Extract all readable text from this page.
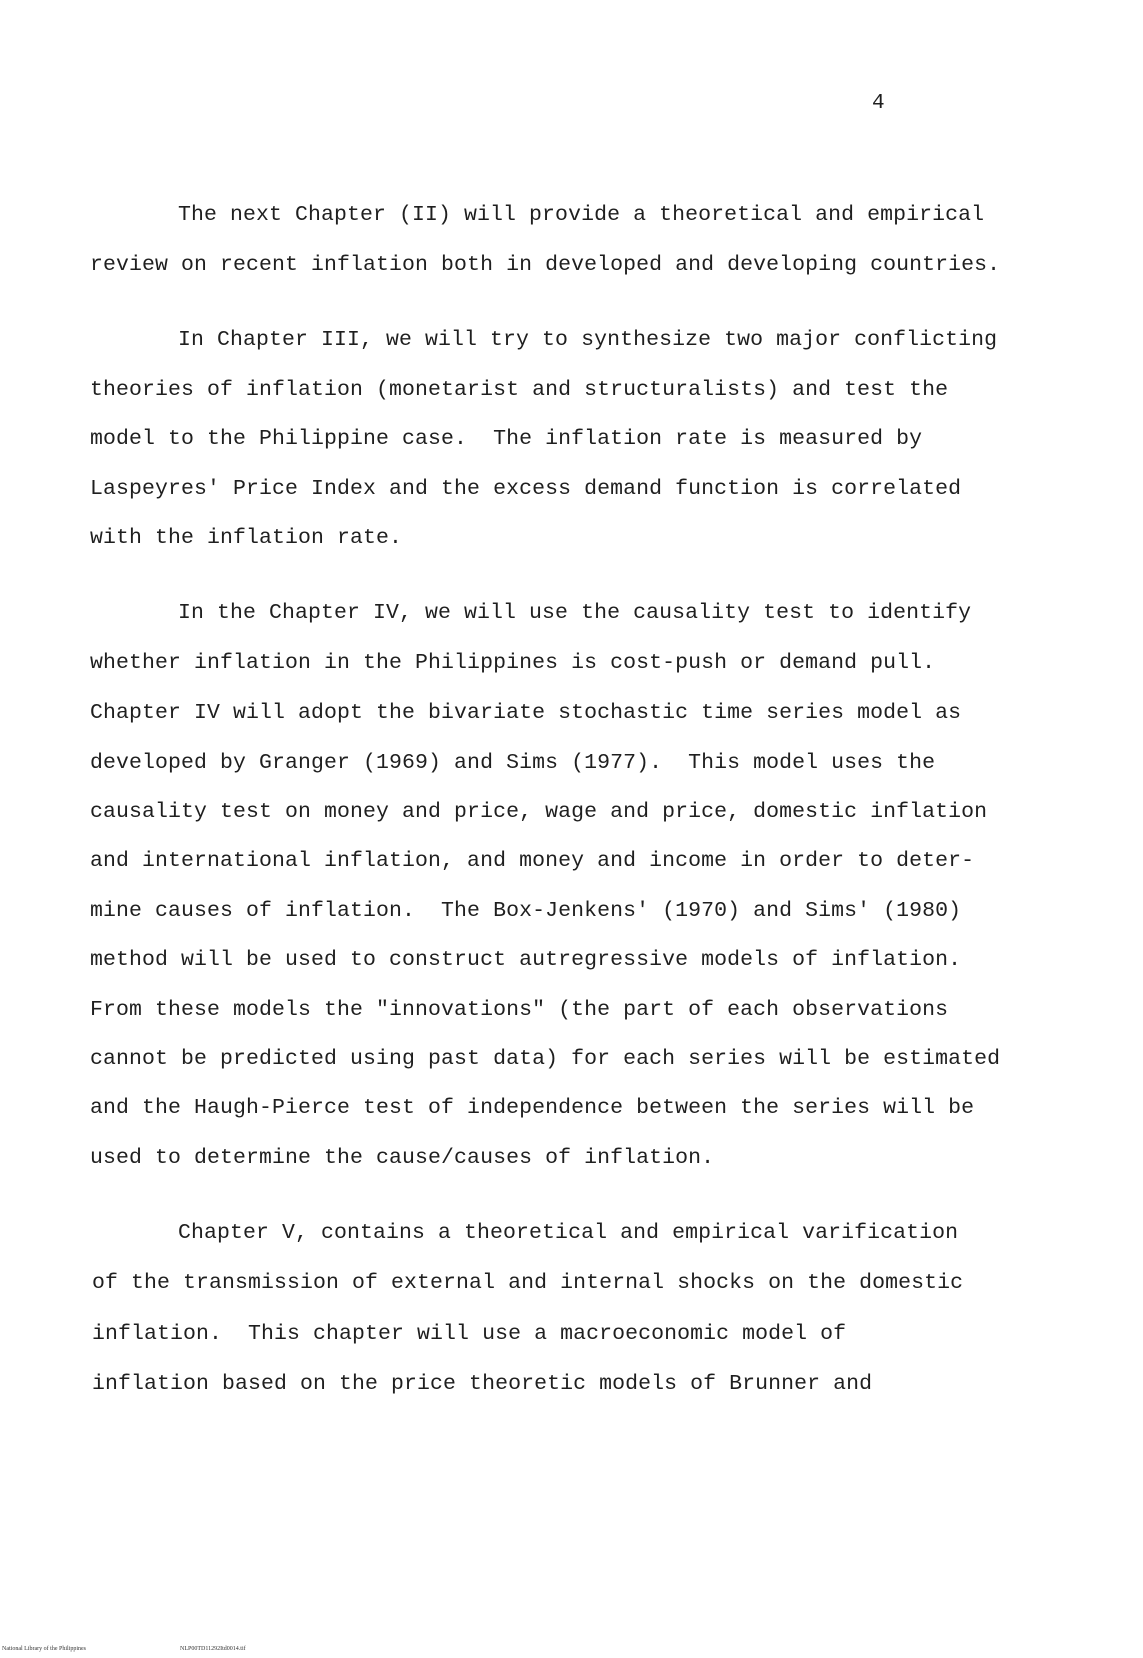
4
The next Chapter (II) will provide a theoretical and empirical
review on recent inflation both in developed and developing countries.
In Chapter III, we will try to synthesize two major conflicting
theories of inflation (monetarist and structuralists) and test the
model to the Philippine case.  The inflation rate is measured by
Laspeyres' Price Index and the excess demand function is correlated
with the inflation rate.
In the Chapter IV, we will use the causality test to identify
whether inflation in the Philippines is cost-push or demand pull.
Chapter IV will adopt the bivariate stochastic time series model as
developed by Granger (1969) and Sims (1977).  This model uses the
causality test on money and price, wage and price, domestic inflation
and international inflation, and money and income in order to deter-
mine causes of inflation.  The Box-Jenkens' (1970) and Sims' (1980)
method will be used to construct autregressive models of inflation.
From these models the "innovations" (the part of each observations
cannot be predicted using past data) for each series will be estimated
and the Haugh-Pierce test of independence between the series will be
used to determine the cause/causes of inflation.
Chapter V, contains a theoretical and empirical varification
of the transmission of external and internal shocks on the domestic
inflation.  This chapter will use a macroeconomic model of
inflation based on the price theoretic models of Brunner and
National Library of the Philippines	NLP00TD11292Itd0014.tif
